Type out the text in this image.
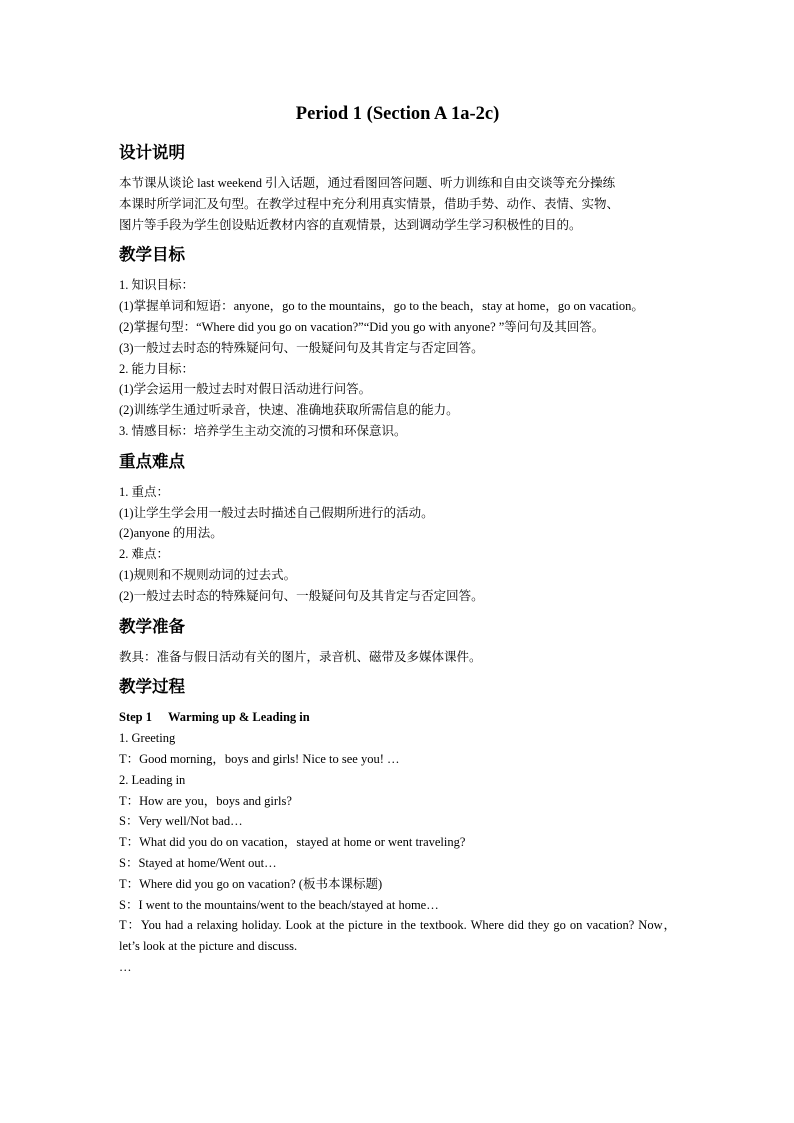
Period 1 (Section A 1a-2c)
设计说明
本节课从谈论 last weekend 引入话题，通过看图回答问题、听力训练和自由交谈等充分操练
本课时所学词汇及句型。在教学过程中充分利用真实情景，借助手势、动作、表情、实物、
图片等手段为学生创设贴近教材内容的直观情景，达到调动学生学习积极性的目的。
教学目标
1. 知识目标：
(1)掌握单词和短语：anyone，go to the mountains，go to the beach，stay at home，go on vacation。
(2)掌握句型：“Where did you go on vacation?”“Did you go with anyone? ”等问句及其回答。
(3)一般过去时态的特殊疑问句、一般疑问句及其肯定与否定回答。
2. 能力目标：
(1)学会运用一般过去时对假日活动进行问答。
(2)训练学生通过听录音，快速、准确地获取所需信息的能力。
3. 情感目标：培养学生主动交流的习惯和环保意识。
重点难点
1. 重点：
(1)让学生学会用一般过去时描述自己假期所进行的活动。
(2)anyone 的用法。
2. 难点：
(1)规则和不规则动词的过去式。
(2)一般过去时态的特殊疑问句、一般疑问句及其肯定与否定回答。
教学准备
教具：准备与假日活动有关的图片，录音机、磁带及多媒体课件。
教学过程
Step 1 Warming up & Leading in
1. Greeting
T：Good morning，boys and girls! Nice to see you! …
2. Leading in
T：How are you，boys and girls?
S：Very well/Not bad…
T：What did you do on vacation，stayed at home or went traveling?
S：Stayed at home/Went out…
T：Where did you go on vacation? (板书本课标题)
S：I went to the mountains/went to the beach/stayed at home…
T：You had a relaxing holiday. Look at the picture in the textbook. Where did they go on vacation? Now，let’s look at the picture and discuss.
…
